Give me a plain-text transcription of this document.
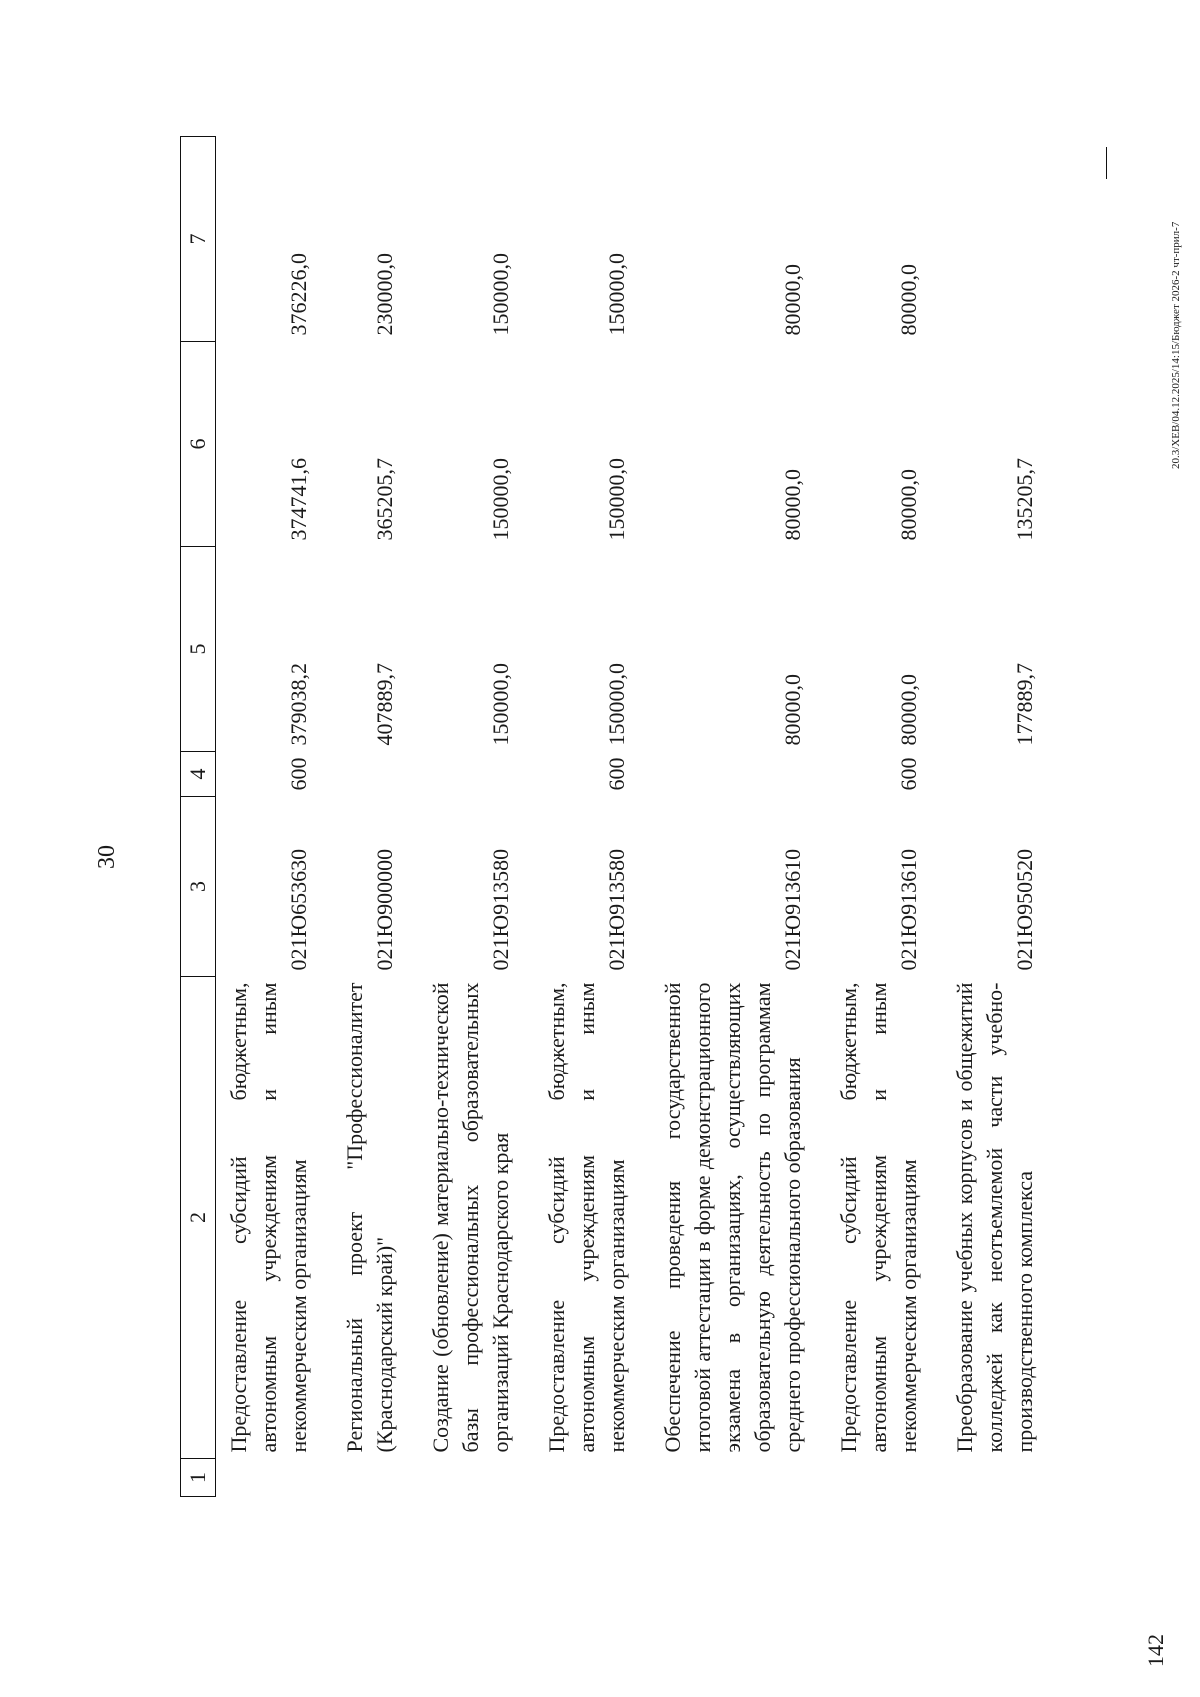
30
1	2	3	4	5	6	7
	Предоставление субсидий бюджетным, автономным учреждениям и иным некоммерческим организациям	021Ю653630	600	379038,2	374741,6	376226,0
	Региональный проект "Профессионалитет (Краснодарский край)"	021Ю900000		407889,7	365205,7	230000,0
	Создание (обновление) материально-технической базы профессиональных образовательных организаций Краснодарского края	021Ю913580		150000,0	150000,0	150000,0
	Предоставление субсидий бюджетным, автономным учреждениям и иным некоммерческим организациям	021Ю913580	600	150000,0	150000,0	150000,0
	Обеспечение проведения государственной итоговой аттестации в форме демонстрационного экзамена в организациях, осуществляющих образовательную деятельность по программам среднего профессионального образования	021Ю913610		80000,0	80000,0	80000,0
	Предоставление субсидий бюджетным, автономным учреждениям и иным некоммерческим организациям	021Ю913610	600	80000,0	80000,0	80000,0
	Преобразование учебных корпусов и общежитий колледжей как неотъемлемой части учебно-производственного комплекса	021Ю950520		177889,7	135205,7	
20.3/ХЕВ/04.12.2025/14:15/Бюджет 2026-2 чт-прил-7
142
